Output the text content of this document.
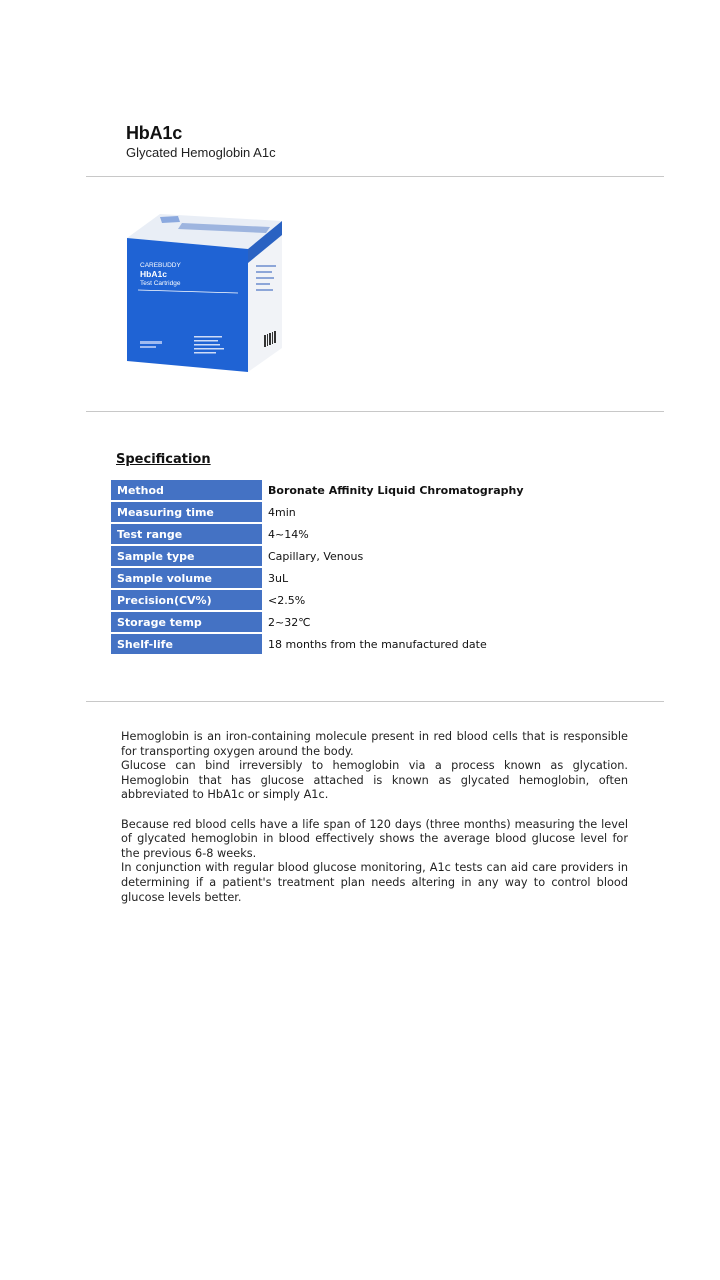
HbA1c
Glycated Hemoglobin A1c
CAREBUDDY
HbA1c
Test Cartridge
Specification
Method	Boronate Affinity Liquid Chromatography
Measuring time	4min
Test range	4~14%
Sample type	Capillary, Venous
Sample volume	3uL
Precision(CV%)	<2.5%
Storage temp	2~32℃
Shelf-life	18 months from the manufactured date

Hemoglobin is an iron-containing molecule present in red blood cells that is responsible for transporting oxygen around the body.

Glucose can bind irreversibly to hemoglobin via a process known as glycation. Hemoglobin that has glucose attached is known as glycated hemoglobin, often abbreviated to HbA1c or simply A1c.

Because red blood cells have a life span of 120 days (three months) measuring the level of glycated hemoglobin in blood effectively shows the average blood glucose level for the previous 6-8 weeks.

In conjunction with regular blood glucose monitoring, A1c tests can aid care providers in determining if a patient's treatment plan needs altering in any way to control blood glucose levels better.
